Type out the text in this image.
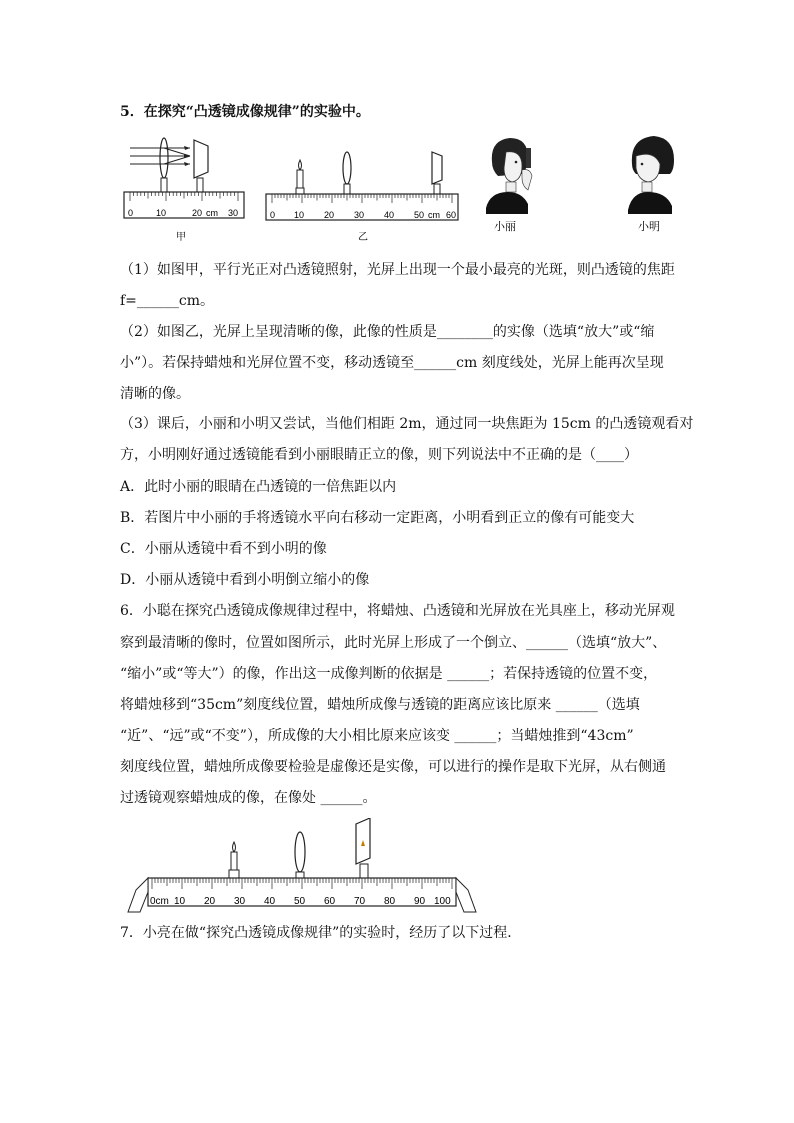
5．在探究“凸透镜成像规律”的实验中。
0	10	20 cm 30
甲
0 10 20 30 40 50 cm 60
乙
小丽	小明
（1）如图甲，平行光正对凸透镜照射，光屏上出现一个最小最亮的光斑，则凸透镜的焦距
f=______cm。
（2）如图乙，光屏上呈现清晰的像，此像的性质是________的实像（选填“放大”或“缩
小”）。若保持蜡烛和光屏位置不变，移动透镜至______cm 刻度线处，光屏上能再次呈现
清晰的像。
（3）课后，小丽和小明又尝试，当他们相距 2m，通过同一块焦距为 15cm 的凸透镜观看对
方，小明刚好通过透镜能看到小丽眼睛正立的像，则下列说法中不正确的是（____）
A．此时小丽的眼睛在凸透镜的一倍焦距以内
B．若图片中小丽的手将透镜水平向右移动一定距离，小明看到正立的像有可能变大
C．小丽从透镜中看不到小明的像
D．小丽从透镜中看到小明倒立缩小的像
6．小聪在探究凸透镜成像规律过程中，将蜡烛、凸透镜和光屏放在光具座上，移动光屏观
察到最清晰的像时，位置如图所示，此时光屏上形成了一个倒立、______（选填“放大”、
“缩小”或“等大”）的像，作出这一成像判断的依据是 ______；若保持透镜的位置不变，
将蜡烛移到“35cm”刻度线位置，蜡烛所成像与透镜的距离应该比原来 ______（选填
“近”、“远”或“不变”），所成像的大小相比原来应该变 ______；当蜡烛推到“43cm”
刻度线位置，蜡烛所成像要检验是虚像还是实像，可以进行的操作是取下光屏，从右侧通
过透镜观察蜡烛成的像，在像处 ______。
0cm 10 20 30 40 50 60 70 80 90 100
7．小亮在做“探究凸透镜成像规律”的实验时，经历了以下过程．
